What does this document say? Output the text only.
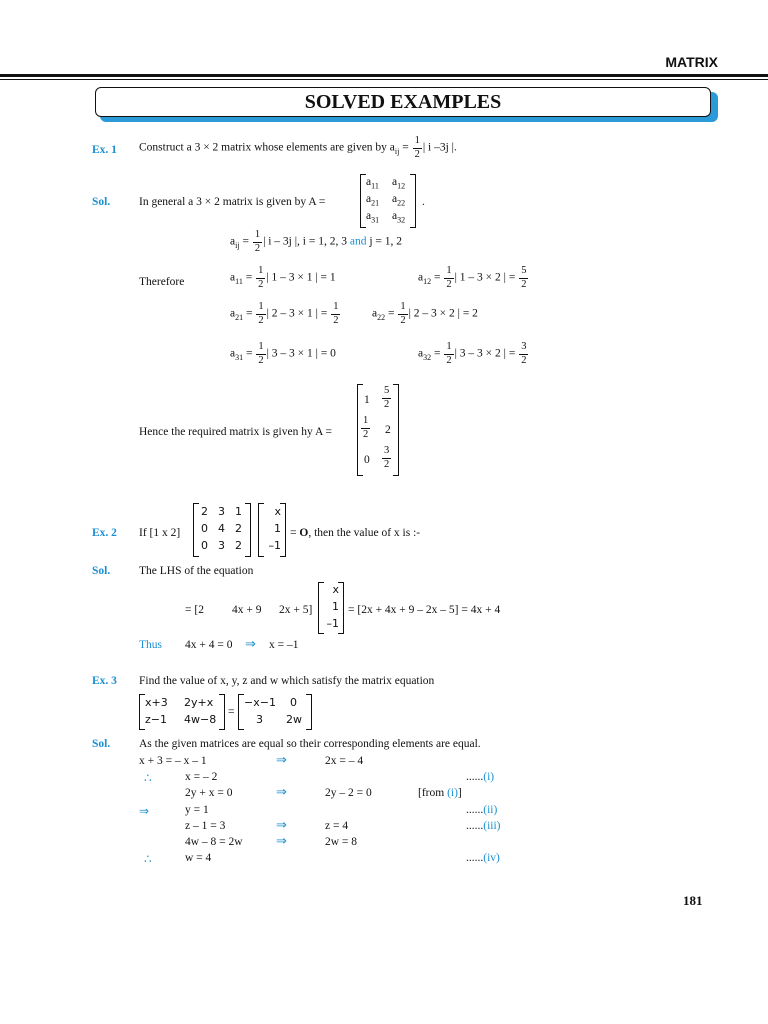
MATRIX
SOLVED EXAMPLES
Ex. 1 Construct a 3 × 2 matrix whose elements are given by $a_{ij} = \frac{1}{2}$ | i –3j |.
Sol.	In general a 3 × 2 matrix is given by A =
$a_{11}$ $a_{12}$
$a_{21}$ $a_{22}$
$a_{31}$ $a_{32}$
.
$a_{ij} = \frac{1}{2}$ | i – 3j |, i = 1, 2, 3 and j = 1, 2
Therefore	$a_{11} = \frac{1}{2}$ | 1 – 3 × 1 | = 1	$a_{12} = \frac{1}{2}$ | 1 – 3 × 2 | = $\frac{5}{2}$
$a_{21} = \frac{1}{2}$ | 2 – 3 × 1 | = $\frac{1}{2}$	$a_{22} = \frac{1}{2}$ | 2 – 3 × 2 | = 2
$a_{31} = \frac{1}{2}$ | 3 – 3 × 1 | = 0	$a_{32} = \frac{1}{2}$ | 3 – 3 × 2 | = $\frac{3}{2}$
Hence the required matrix is given hy A =
$1 \frac{5}{2}$
$\frac{1}{2} 2$
$0 \frac{3}{2}$
Ex. 2 If [1 x 2]
2 3 1
0 4 2
0 3 2
x
1
–1
= O, then the value of x is :-
Sol.	The LHS of the equation
= [2 4x + 9 2x + 5]
x
1
–1
= [2x + 4x + 9 – 2x – 5] = 4x + 4
Thus 4x + 4 = 0 ⇒ x = –1
Ex. 3 Find the value of x, y, z and w which satisfy the matrix equation
x+3 2y+x
z−1 4w−8
=
−x−1 0
3 2w
Sol.	As the given matrices are equal so their corresponding elements are equal.
x + 3 = – x – 1	⇒	2x = – 4
∴	x = – 2	......(i)
2y + x = 0	⇒	2y – 2 = 0	[from (i)]
⇒	y = 1	......(ii)
z – 1 = 3	⇒	z = 4	......(iii)
4w – 8 = 2w	⇒	2w = 8
∴	w = 4	......(iv)
181
